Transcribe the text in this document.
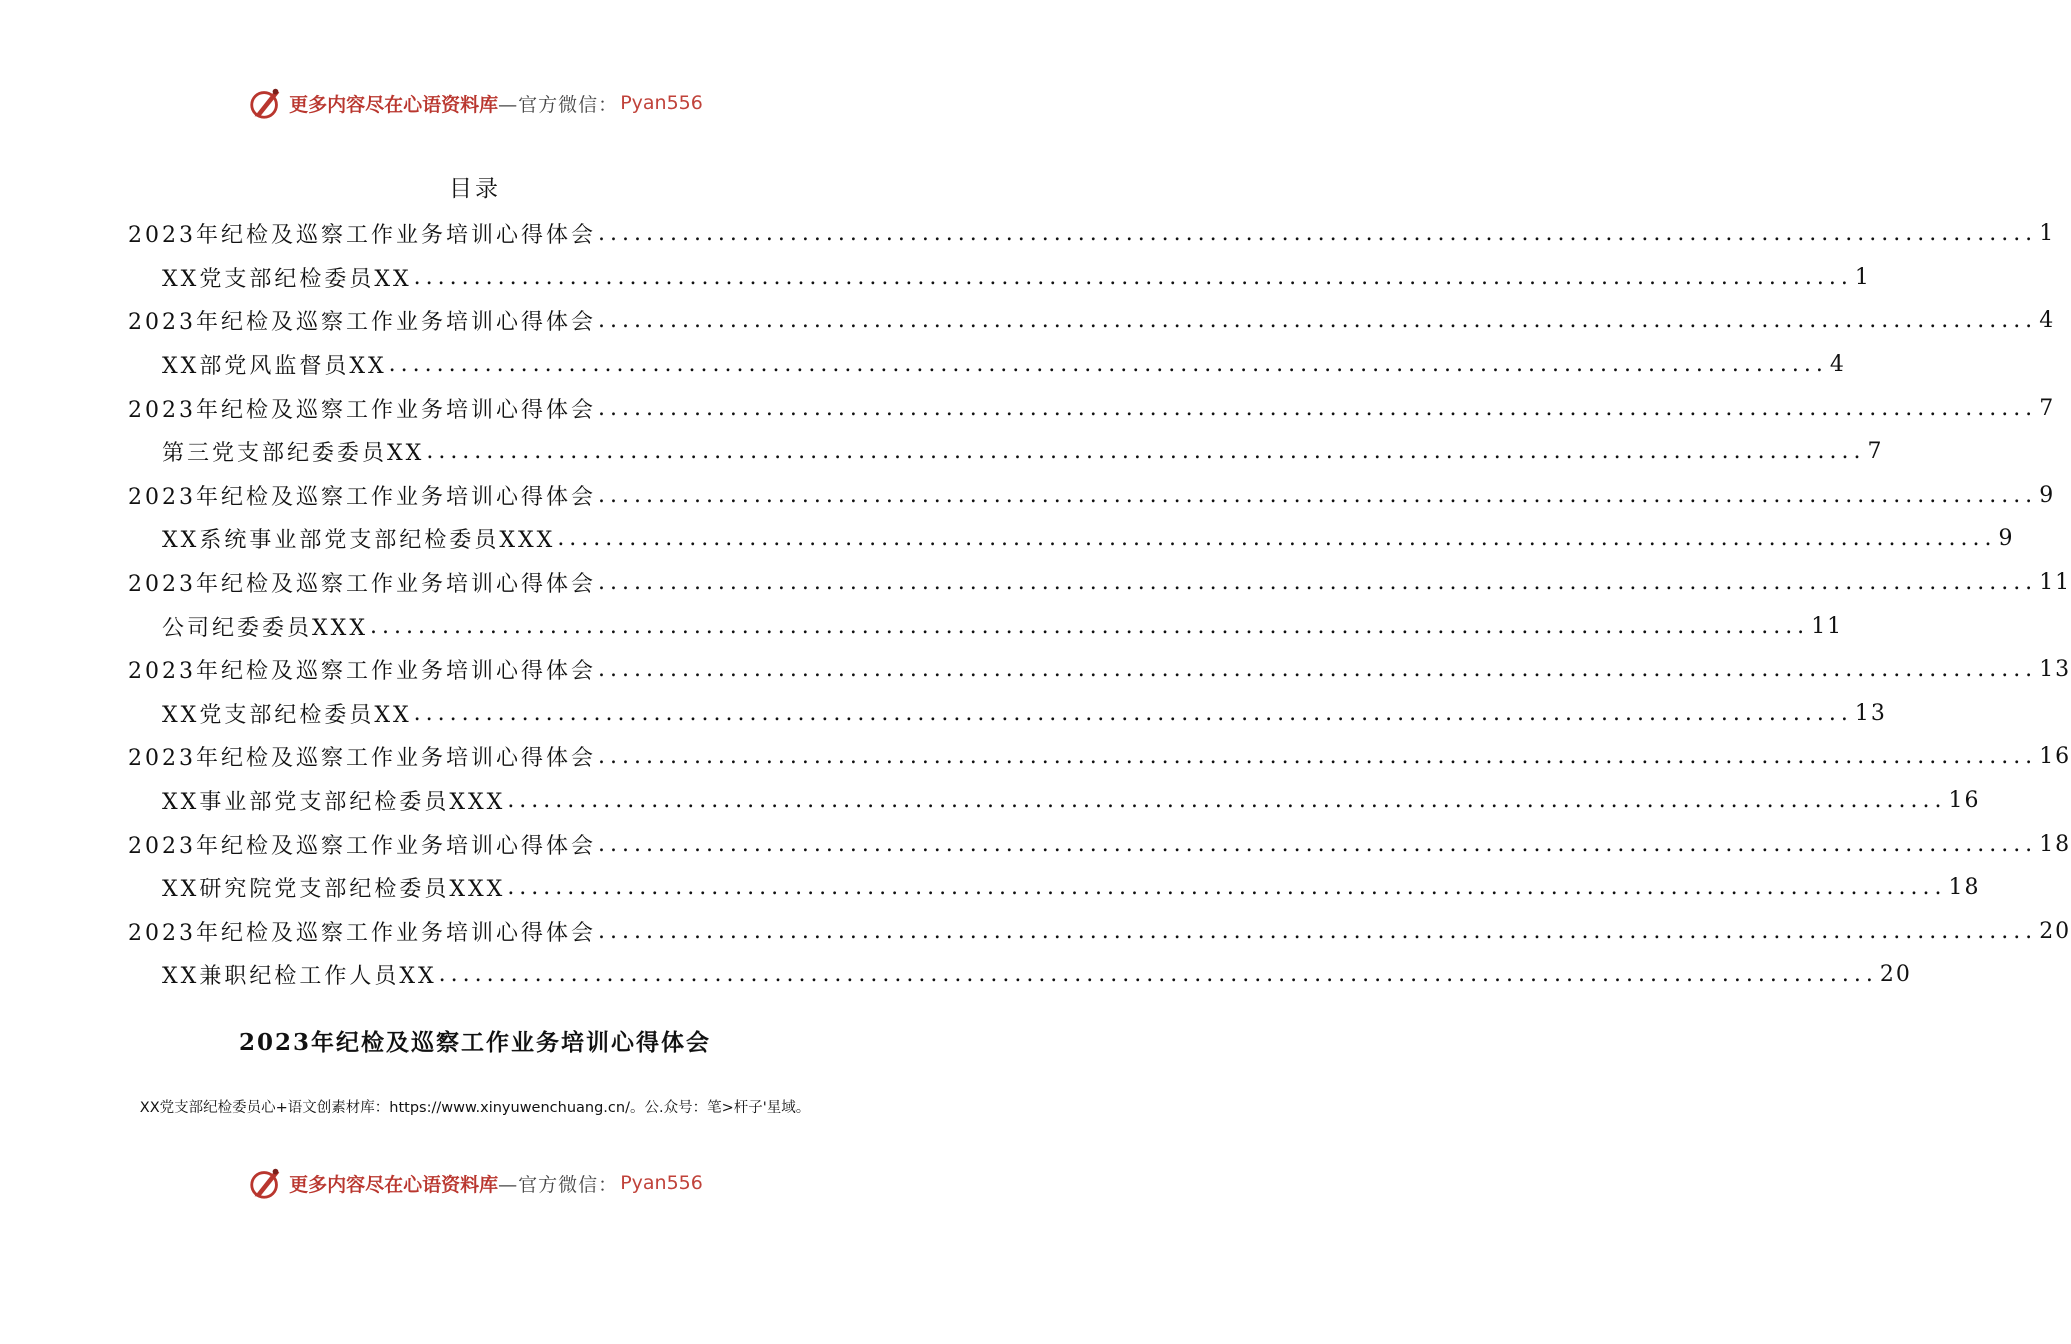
更多内容尽在心语资料库 —官方微信： Pyan556
目录
2023年纪检及巡察工作业务培训心得体会 ........................................................................................................................ 1
XX党支部纪检委员XX ........................................................................................................................ 1
2023年纪检及巡察工作业务培训心得体会 ........................................................................................................................ 4
XX部党风监督员XX ........................................................................................................................ 4
2023年纪检及巡察工作业务培训心得体会 ........................................................................................................................ 7
第三党支部纪委委员XX ........................................................................................................................ 7
2023年纪检及巡察工作业务培训心得体会 ........................................................................................................................ 9
XX系统事业部党支部纪检委员XXX ........................................................................................................................ 9
2023年纪检及巡察工作业务培训心得体会 ........................................................................................................................ 11
公司纪委委员XXX ........................................................................................................................ 11
2023年纪检及巡察工作业务培训心得体会 ........................................................................................................................ 13
XX党支部纪检委员XX ........................................................................................................................ 13
2023年纪检及巡察工作业务培训心得体会 ........................................................................................................................ 16
XX事业部党支部纪检委员XXX ........................................................................................................................ 16
2023年纪检及巡察工作业务培训心得体会 ........................................................................................................................ 18
XX研究院党支部纪检委员XXX ........................................................................................................................ 18
2023年纪检及巡察工作业务培训心得体会 ........................................................................................................................ 20
XX兼职纪检工作人员XX ........................................................................................................................ 20
2023年纪检及巡察工作业务培训心得体会
XX党支部纪检委员心+语文创素材库：https://www.xinyuwenchuang.cn/。公.众号：笔>杆子'星域。
更多内容尽在心语资料库 —官方微信： Pyan556
